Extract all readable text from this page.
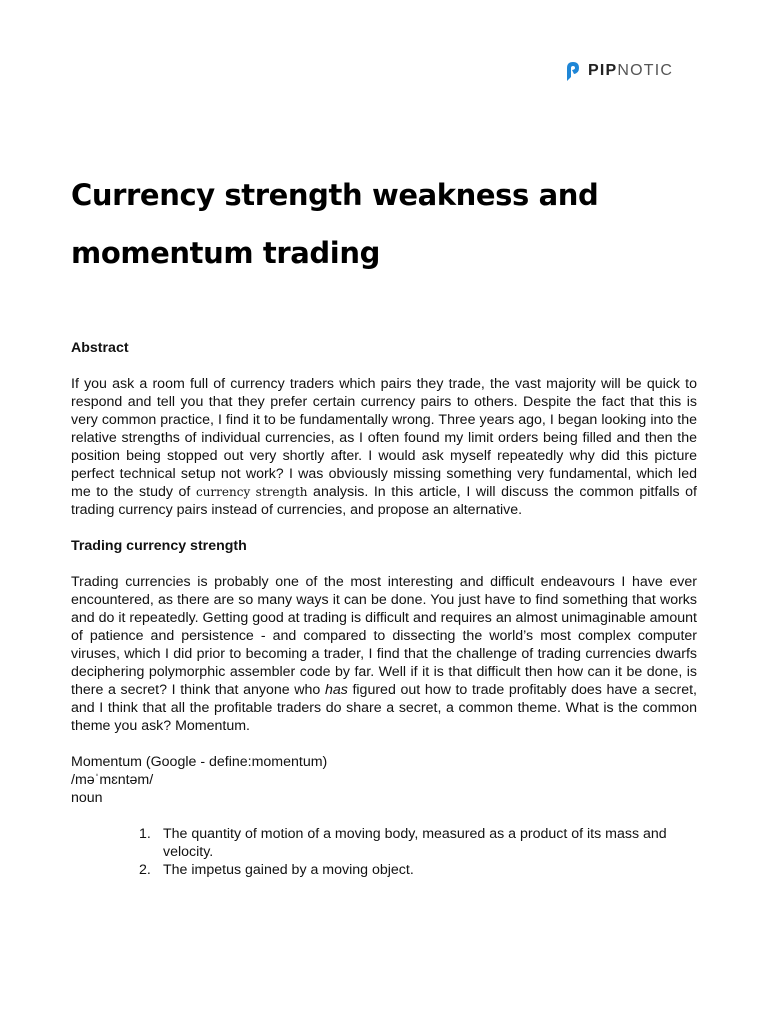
PIPNOTIC
Currency strength weakness and momentum trading
Abstract

If you ask a room full of currency traders which pairs they trade, the vast majority will be quick to respond and tell you that they prefer certain currency pairs to others. Despite the fact that this is very common practice, I find it to be fundamentally wrong. Three years ago, I began looking into the relative strengths of individual currencies, as I often found my limit orders being filled and then the position being stopped out very shortly after. I would ask myself repeatedly why did this picture perfect technical setup not work? I was obviously missing something very fundamental, which led me to the study of currency strength analysis. In this article, I will discuss the common pitfalls of trading currency pairs instead of currencies, and propose an alternative.

Trading currency strength

Trading currencies is probably one of the most interesting and difficult endeavours I have ever encountered, as there are so many ways it can be done. You just have to find something that works and do it repeatedly. Getting good at trading is difficult and requires an almost unimaginable amount of patience and persistence - and compared to dissecting the world’s most complex computer viruses, which I did prior to becoming a trader, I find that the challenge of trading currencies dwarfs deciphering polymorphic assembler code by far. Well if it is that difficult then how can it be done, is there a secret? I think that anyone who has figured out how to trade profitably does have a secret, and I think that all the profitable traders do share a secret, a common theme. What is the common theme you ask? Momentum.

Momentum (Google - define:momentum)
/məˈmɛntəm/
noun
1. The quantity of motion of a moving body, measured as a product of its mass and velocity.
2. The impetus gained by a moving object.
